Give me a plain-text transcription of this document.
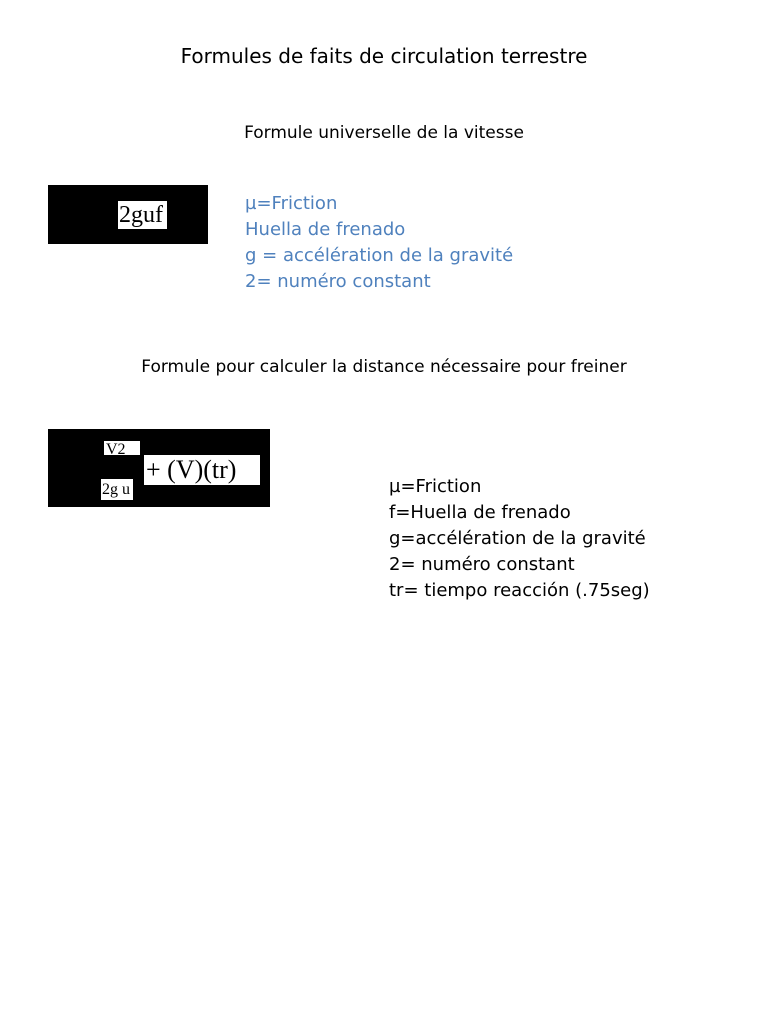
Formules de faits de circulation terrestre
Formule universelle de la vitesse
2guf	µ=Friction
Huella de frenado
g = accélération de la gravité
2= numéro constant
Formule pour calculer la distance nécessaire pour freiner
V2
2g u
+ (V)(tr)
µ=Friction
f=Huella de frenado
g=accélération de la gravité
2= numéro constant
tr= tiempo reacción (.75seg)
